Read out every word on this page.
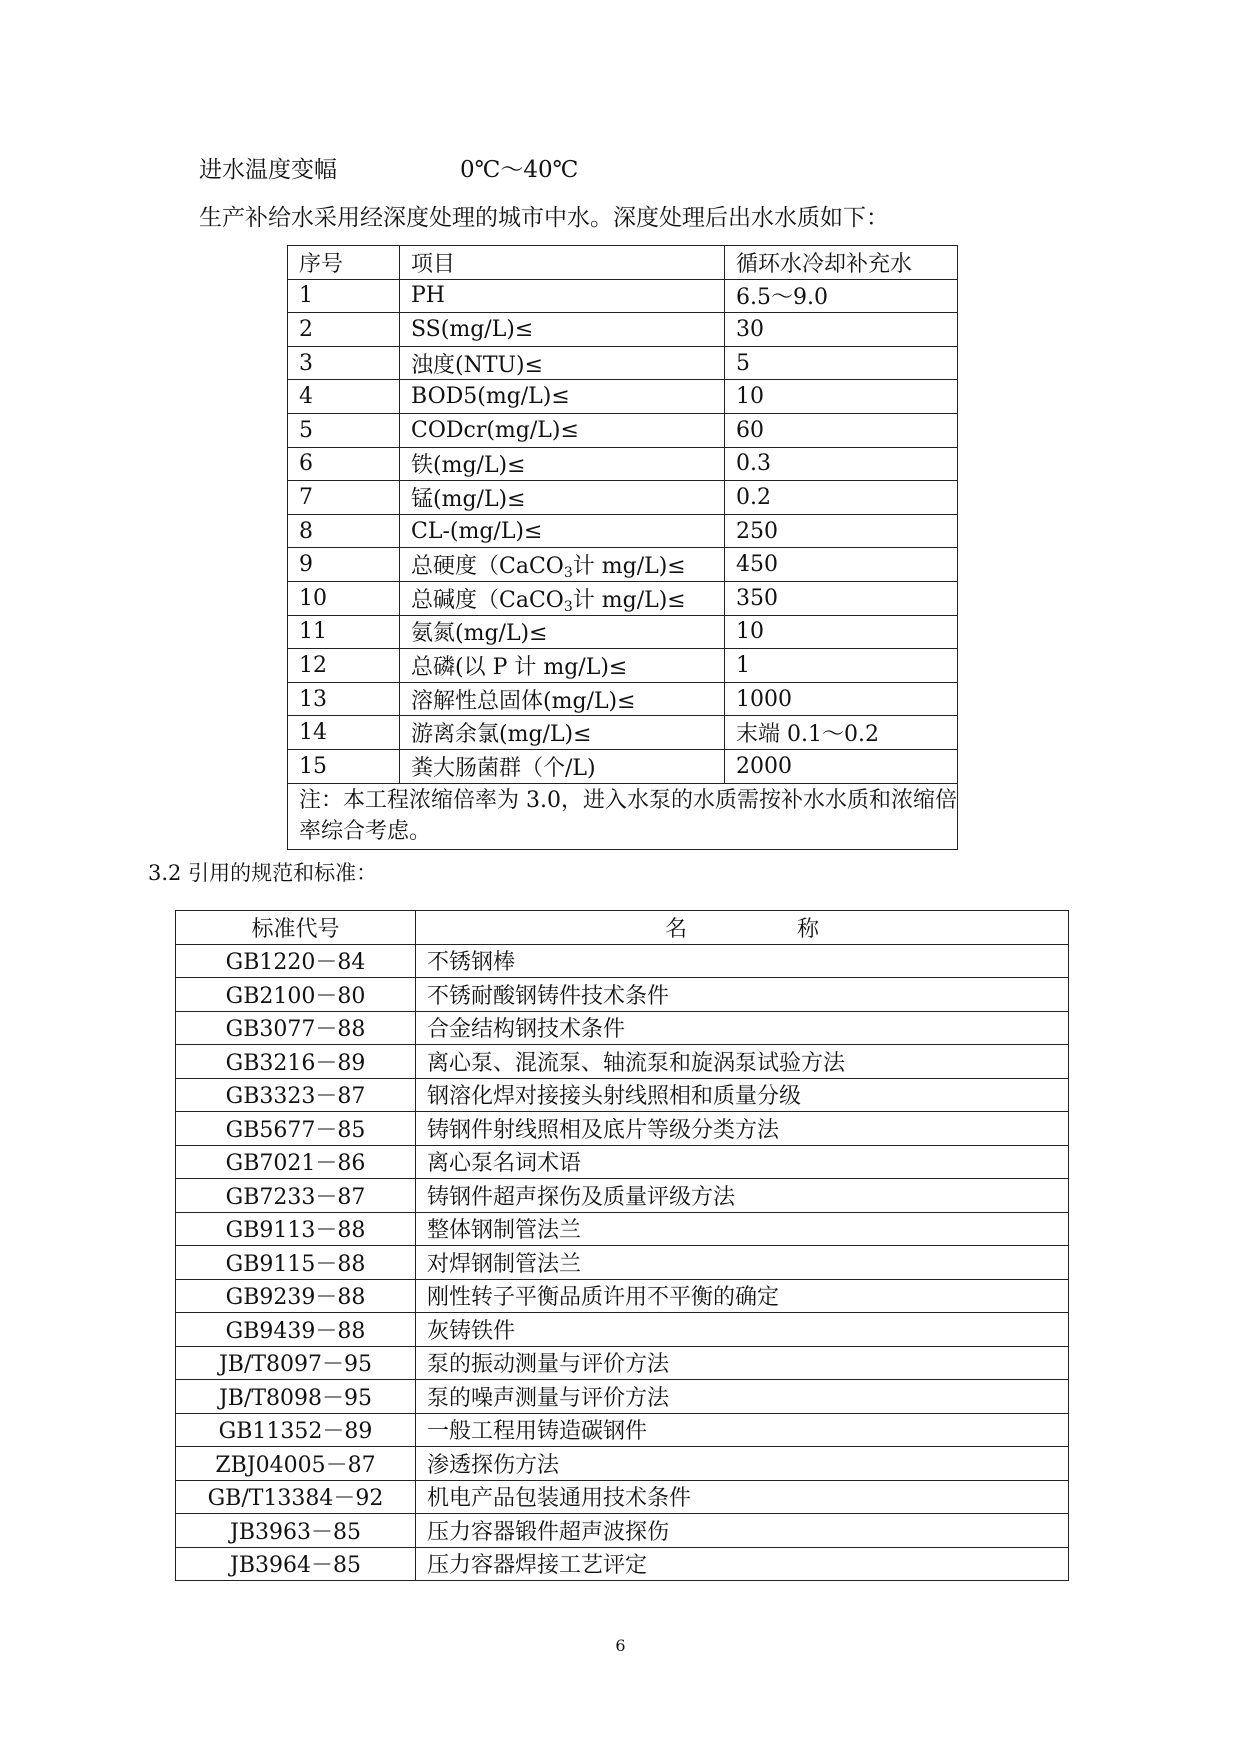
进水温度变幅	0℃～40℃
生产补给水采用经深度处理的城市中水。深度处理后出水水质如下：
序号	项目	循环水冷却补充水
1	PH	6.5～9.0
2	SS(mg/L)≤	30
3	浊度(NTU)≤	5
4	BOD5(mg/L)≤	10
5	CODcr(mg/L)≤	60
6	铁(mg/L)≤	0.3
7	锰(mg/L)≤	0.2
8	CL-(mg/L)≤	250
9	总硬度（CaCO$_3$计 mg/L)≤	450
10	总碱度（CaCO$_3$计 mg/L)≤	350
11	氨氮(mg/L)≤	10
12	总磷(以 P 计 mg/L)≤	1
13	溶解性总固体(mg/L)≤	1000
14	游离余氯(mg/L)≤	末端 0.1～0.2
15	粪大肠菌群（个/L)	2000
注：本工程浓缩倍率为 3.0，进入水泵的水质需按补水水质和浓缩倍率综合考虑。		
3.2 引用的规范和标准：
标准代号	名　　　　　称
GB1220－84	不锈钢棒
GB2100－80	不锈耐酸钢铸件技术条件
GB3077－88	合金结构钢技术条件
GB3216－89	离心泵、混流泵、轴流泵和旋涡泵试验方法
GB3323－87	钢溶化焊对接接头射线照相和质量分级
GB5677－85	铸钢件射线照相及底片等级分类方法
GB7021－86	离心泵名词术语
GB7233－87	铸钢件超声探伤及质量评级方法
GB9113－88	整体钢制管法兰
GB9115－88	对焊钢制管法兰
GB9239－88	刚性转子平衡品质许用不平衡的确定
GB9439－88	灰铸铁件
JB/T8097－95	泵的振动测量与评价方法
JB/T8098－95	泵的噪声测量与评价方法
GB11352－89	一般工程用铸造碳钢件
ZBJ04005－87	渗透探伤方法
GB/T13384－92	机电产品包装通用技术条件
JB3963－85	压力容器锻件超声波探伤
JB3964－85	压力容器焊接工艺评定
6
